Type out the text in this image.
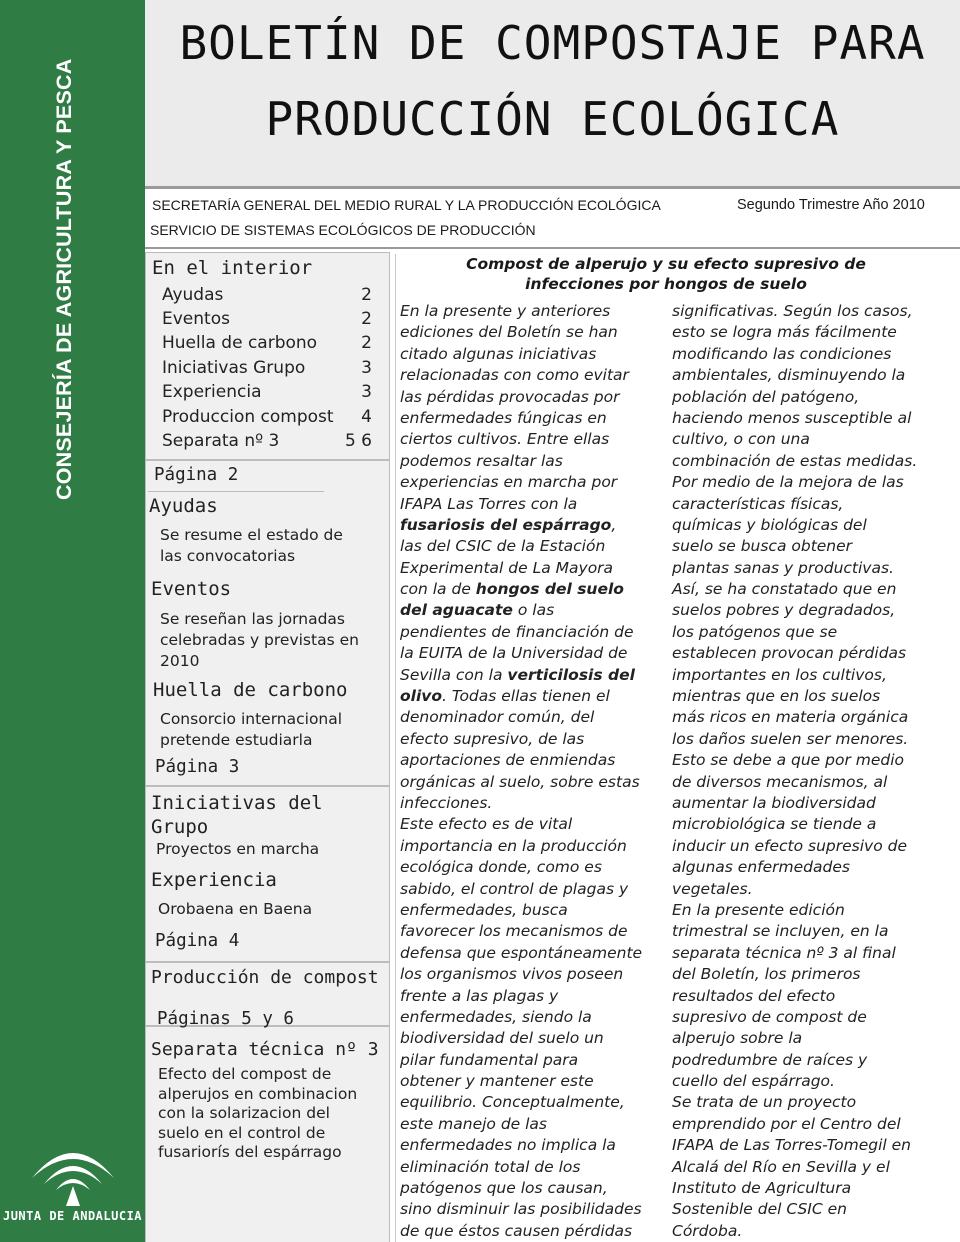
CONSEJERÍA DE AGRICULTURA Y PESCA
JUNTA DE ANDALUCIA
BOLETÍN DE COMPOSTAJE PARA
PRODUCCIÓN ECOLÓGICA
SECRETARÍA GENERAL DEL MEDIO RURAL Y LA PRODUCCIÓN ECOLÓGICA	Segundo Trimestre Año 2010
SERVICIO DE SISTEMAS ECOLÓGICOS DE PRODUCCIÓN
En el interior
Ayudas	2
Eventos	2
Huella de carbono	2
Iniciativas Grupo	3
Experiencia	3
Produccion compost 4
Separata nº 3	5 6
Página 2
Ayudas
Se resume el estado de
las convocatorias
Eventos
Se reseñan las jornadas
celebradas y previstas en
2010
Huella de carbono
Consorcio internacional
pretende estudiarla
Página 3
Iniciativas del
Grupo
Proyectos en marcha
Experiencia
Orobaena en Baena
Página 4
Producción de compost
Páginas 5 y 6
Separata técnica nº 3
Efecto del compost de
alperujos en combinacion
con la solarizacion del
suelo en el control de
fusariorís del espárrago
Compost de alperujo y su efecto supresivo de
infecciones por hongos de suelo
En la presente y anteriores
ediciones del Boletín se han
citado algunas iniciativas
relacionadas con como evitar
las pérdidas provocadas por
enfermedades fúngicas en
ciertos cultivos. Entre ellas
podemos resaltar las
experiencias en marcha por
IFAPA Las Torres con la
fusariosis del espárrago,
las del CSIC de la Estación
Experimental de La Mayora
con la de hongos del suelo
del aguacate o las
pendientes de financiación de
la EUITA de la Universidad de
Sevilla con la verticilosis del
olivo. Todas ellas tienen el
denominador común, del
efecto supresivo, de las
aportaciones de enmiendas
orgánicas al suelo, sobre estas
infecciones.
Este efecto es de vital
importancia en la producción
ecológica donde, como es
sabido, el control de plagas y
enfermedades, busca
favorecer los mecanismos de
defensa que espontáneamente
los organismos vivos poseen
frente a las plagas y
enfermedades, siendo la
biodiversidad del suelo un
pilar fundamental para
obtener y mantener este
equilibrio. Conceptualmente,
este manejo de las
enfermedades no implica la
eliminación total de los
patógenos que los causan,
sino disminuir las posibilidades
de que éstos causen pérdidas
significativas. Según los casos,
esto se logra más fácilmente
modificando las condiciones
ambientales, disminuyendo la
población del patógeno,
haciendo menos susceptible al
cultivo, o con una
combinación de estas medidas.
Por medio de la mejora de las
características físicas,
químicas y biológicas del
suelo se busca obtener
plantas sanas y productivas.
Así, se ha constatado que en
suelos pobres y degradados,
los patógenos que se
establecen provocan pérdidas
importantes en los cultivos,
mientras que en los suelos
más ricos en materia orgánica
los daños suelen ser menores.
Esto se debe a que por medio
de diversos mecanismos, al
aumentar la biodiversidad
microbiológica se tiende a
inducir un efecto supresivo de
algunas enfermedades
vegetales.
En la presente edición
trimestral se incluyen, en la
separata técnica nº 3 al final
del Boletín, los primeros
resultados del efecto
supresivo de compost de
alperujo sobre la
podredumbre de raíces y
cuello del espárrago.
Se trata de un proyecto
emprendido por el Centro del
IFAPA de Las Torres-Tomegil en
Alcalá del Río en Sevilla y el
Instituto de Agricultura
Sostenible del CSIC en
Córdoba.
